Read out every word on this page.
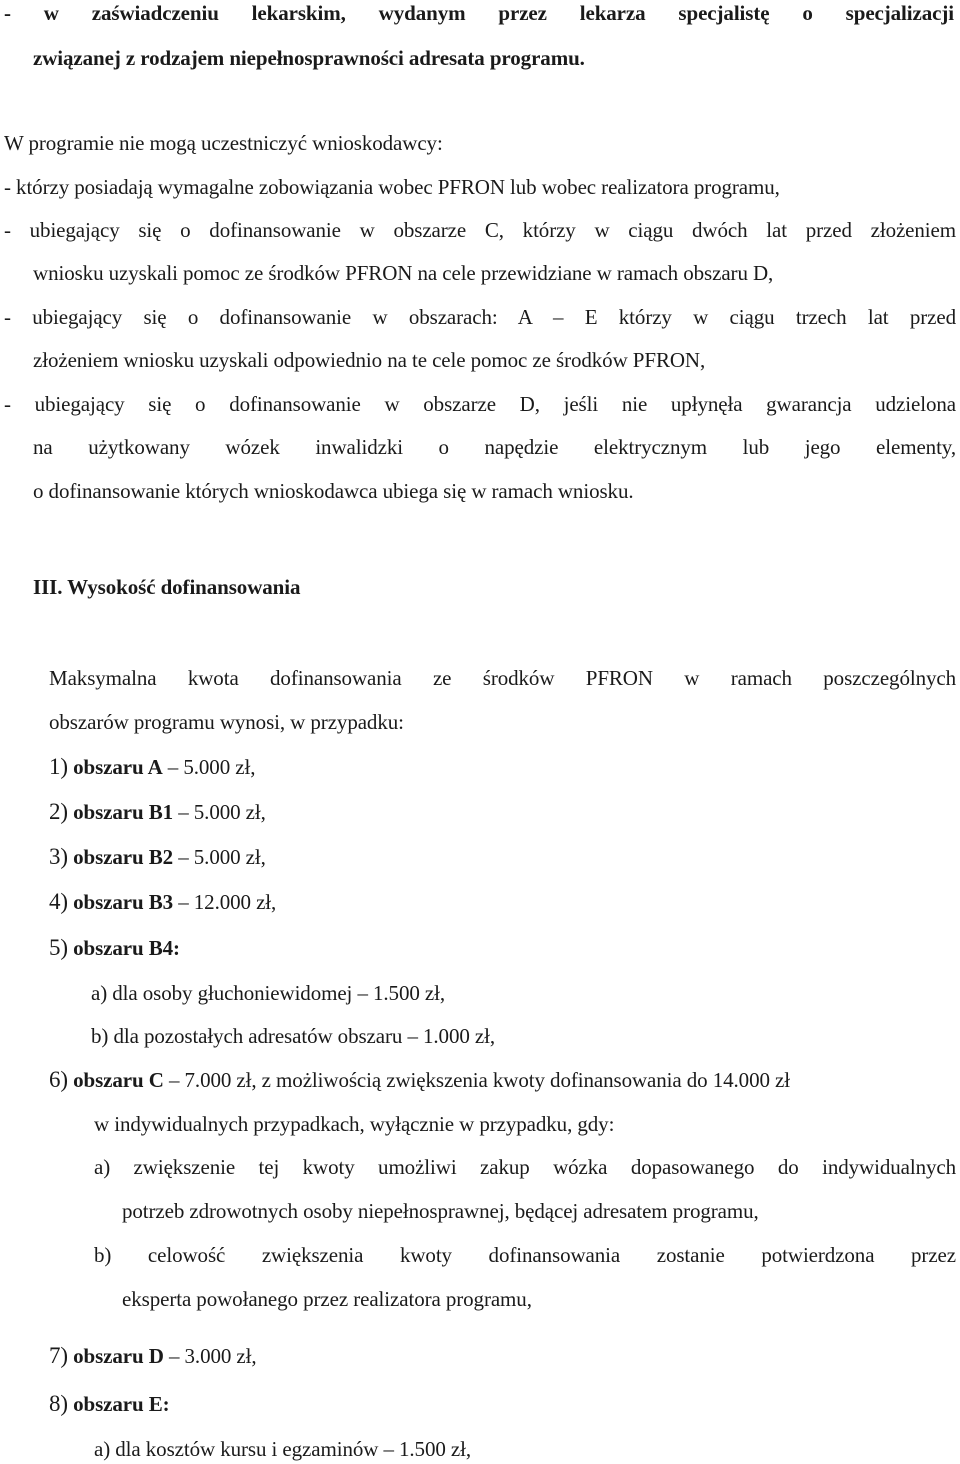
- w zaświadczeniu lekarskim, wydanym przez lekarza specjalistę o specjalizacji
związanej z rodzajem niepełnosprawności adresata programu.
W programie nie mogą uczestniczyć wnioskodawcy:
- którzy posiadają wymagalne zobowiązania wobec PFRON lub wobec realizatora programu,
- ubiegający się o dofinansowanie w obszarze C, którzy w ciągu dwóch lat przed złożeniem
wniosku uzyskali pomoc ze środków PFRON na cele przewidziane w ramach obszaru D,
- ubiegający się o dofinansowanie w obszarach: A – E którzy w ciągu trzech lat przed
złożeniem wniosku uzyskali odpowiednio na te cele pomoc ze środków PFRON,
- ubiegający się o dofinansowanie w obszarze D, jeśli nie upłynęła gwarancja udzielona
na użytkowany wózek inwalidzki o napędzie elektrycznym lub jego elementy,
o dofinansowanie których wnioskodawca ubiega się w ramach wniosku.
III. Wysokość dofinansowania
Maksymalna kwota dofinansowania ze środków PFRON w ramach poszczególnych
obszarów programu wynosi, w przypadku:
1) obszaru A – 5.000 zł,
2) obszaru B1 – 5.000 zł,
3) obszaru B2 – 5.000 zł,
4) obszaru B3 – 12.000 zł,
5) obszaru B4:
a) dla osoby głuchoniewidomej – 1.500 zł,
b) dla pozostałych adresatów obszaru – 1.000 zł,
6) obszaru C – 7.000 zł, z możliwością zwiększenia kwoty dofinansowania do 14.000 zł
w indywidualnych przypadkach, wyłącznie w przypadku, gdy:
a) zwiększenie tej kwoty umożliwi zakup wózka dopasowanego do indywidualnych
potrzeb zdrowotnych osoby niepełnosprawnej, będącej adresatem programu,
b) celowość zwiększenia kwoty dofinansowania zostanie potwierdzona przez
eksperta powołanego przez realizatora programu,
7) obszaru D – 3.000 zł,
8) obszaru E:
a) dla kosztów kursu i egzaminów – 1.500 zł,
